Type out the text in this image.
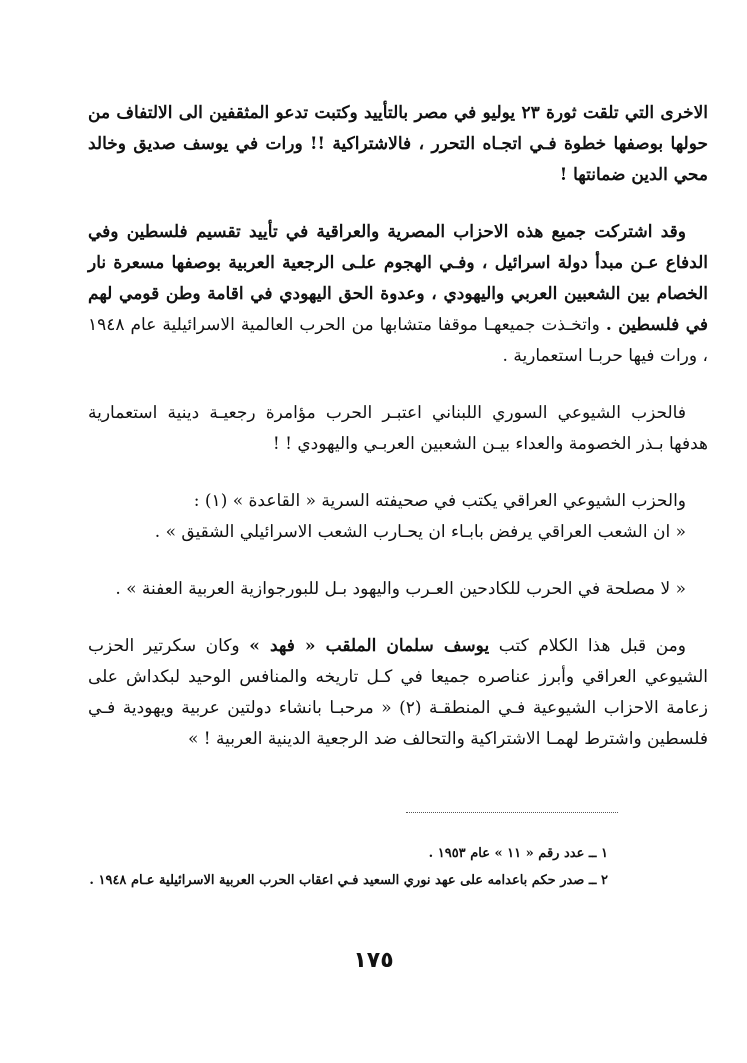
الاخرى التي تلقت ثورة ٢٣ يوليو في مصر بالتأييد وكتبت تدعو المثقفين الى الالتفاف من حولها بوصفها خطوة فـي اتجـاه التحرر ، فالاشتراكية !! ورات في يوسف صديق وخالد محي الدين ضمانتها !

وقد اشتركت جميع هذه الاحزاب المصرية والعراقية في تأييد تقسيم فلسطين وفي الدفاع عـن مبدأ دولة اسرائيل ، وفـي الهجوم علـى الرجعية العربية بوصفها مسعرة نار الخصام بين الشعبين العربي واليهودي ، وعدوة الحق اليهودي في اقامة وطن قومي لهم في فلسطين . واتخـذت جميعهـا موقفا متشابها من الحرب العالمية الاسرائيلية عام ١٩٤٨ ، ورات فيها حربـا استعمارية .

فالحزب الشيوعي السوري اللبناني اعتبـر الحرب مؤامرة رجعيـة دينية استعمارية هدفها بـذر الخصومة والعداء بيـن الشعبين العربـي واليهودي ! !

والحزب الشيوعي العراقي يكتب في صحيفته السرية « القاعدة » (١) :

« ان الشعب العراقي يرفض بابـاء ان يحـارب الشعب الاسرائيلي الشقيق » .

« لا مصلحة في الحرب للكادحين العـرب واليهود بـل للبورجوازية العربية العفنة » .

ومن قبل هذا الكلام كتب يوسف سلمان الملقب « فهد » وكان سكرتير الحزب الشيوعي العراقي وأبرز عناصره جميعا في كـل تاريخه والمنافس الوحيد لبكداش على زعامة الاحزاب الشيوعية فـي المنطقـة (٢) « مرحبـا بانشاء دولتين عربية ويهودية فـي فلسطين واشترط لهمـا الاشتراكية والتحالف ضد الرجعية الدينية العربية ! »

١ ــ عدد رقم « ١١ » عام ١٩٥٣ .

٢ ــ صدر حكم باعدامه على عهد نوري السعيد فـي اعقاب الحرب العربية الاسرائيلية عـام ١٩٤٨ .

١٧٥
